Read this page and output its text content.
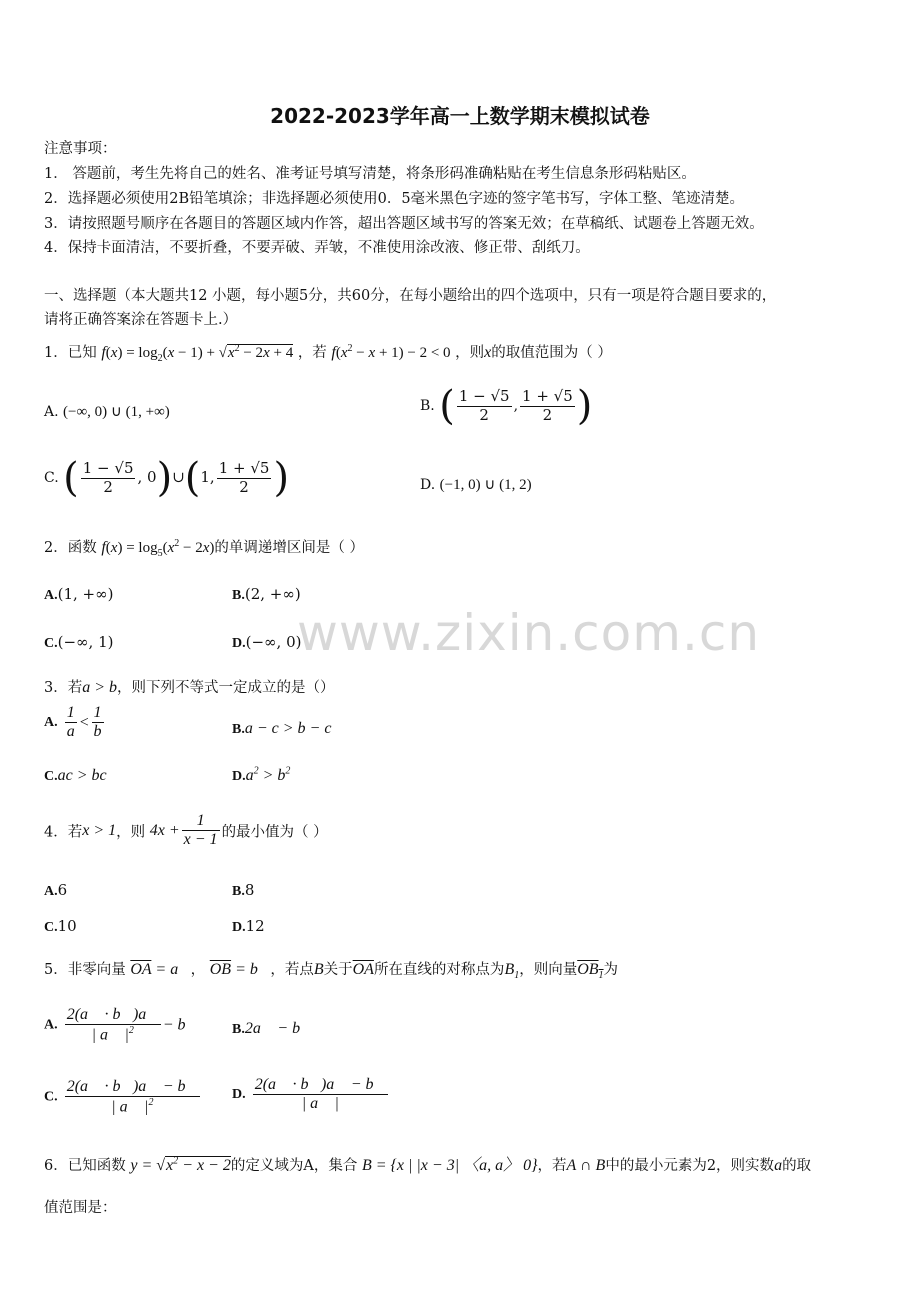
2022-2023学年高一上数学期末模拟试卷
注意事项：
1． 答题前，考生先将自己的姓名、准考证号填写清楚，将条形码准确粘贴在考生信息条形码粘贴区。
2．选择题必须使用2B铅笔填涂；非选择题必须使用0．5毫米黑色字迹的签字笔书写，字体工整、笔迹清楚。
3．请按照题号顺序在各题目的答题区域内作答，超出答题区域书写的答案无效；在草稿纸、试题卷上答题无效。
4．保持卡面清洁，不要折叠，不要弄破、弄皱，不准使用涂改液、修正带、刮纸刀。
一、选择题（本大题共12 小题，每小题5分，共60分，在每小题给出的四个选项中，只有一项是符合题目要求的，
请将正确答案涂在答题卡上.）
1．已知 $f(x) = \log_2(x - 1) + √x^2 - 2x + 4$ ，若 $f(x^2 - x + 1) - 2 < 0$ ，则x的取值范围为（ ）
A. (−∞, 0) ∪ (1, +∞)	B. ( $\frac{1 - √5}{2}$ , $\frac{1 + √5}{2}$ )
C. ( $\frac{1 - √5}{2}$ , 0)∪(1, $\frac{1 + √5}{2}$ )	D. (−1, 0) ∪ (1, 2)
2．函数 $f(x) = \log_5(x^2 - 2x)$的单调递增区间是（ ）
A.(1, +∞)	B.(2, +∞)
C.(−∞, 1)	D.(−∞, 0)
3．若a > b，则下列不等式一定成立的是（）
A. $\frac{1}{a} < \frac{1}{b}$	B.a − c > b − c
C.ac > bc	$D.a^2 > b^2$
4．若x > 1，则 $4x + \frac{1}{x - 1}$ 的最小值为（ ）
A.6	B.8
C.10	D.12
5．非零向量 $\overline{OA}$ = a⃗， $\overline{OB}$ = b⃗，若点B关于$\overline{OA}$所在直线的对称点为$B_1$，则向量$OB_1$为
A. $\frac{2(a⃗ \cdot b⃗)a⃗}{| a⃗ |^2}$ − b⃗ B.2a⃗ − b⃗
C. $\frac{2(a⃗ \cdot b⃗)a⃗ - b⃗}{| a⃗ |^2} D$. $\frac{2(a⃗ \cdot b⃗)a⃗ - b⃗}{| a⃗ |}$
6．已知函数 $y = √x^2 - x - 2$的定义域为A，集合 B = {x | |x − 3| 〈a, a〉 0}，若A ∩ B中的最小元素为2，则实数a的取
值范围是：
www.zixin.com.cn
